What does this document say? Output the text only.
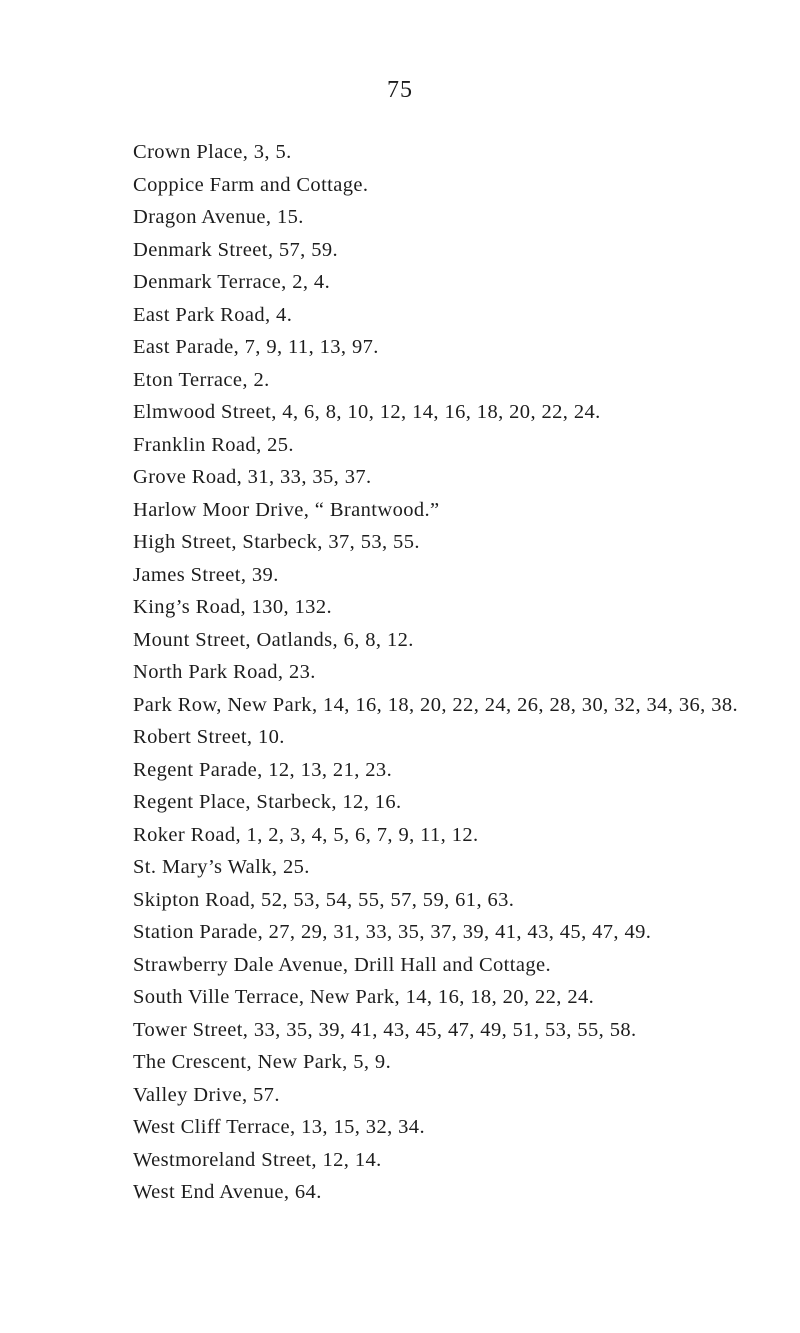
75
Crown Place, 3, 5.
Coppice Farm and Cottage.
Dragon Avenue, 15.
Denmark Street, 57, 59.
Denmark Terrace, 2, 4.
East Park Road, 4.
East Parade, 7, 9, 11, 13, 97.
Eton Terrace, 2.
Elmwood Street, 4, 6, 8, 10, 12, 14, 16, 18, 20, 22, 24.
Franklin Road, 25.
Grove Road, 31, 33, 35, 37.
Harlow Moor Drive, “ Brantwood.”
High Street, Starbeck, 37, 53, 55.
James Street, 39.
King’s Road, 130, 132.
Mount Street, Oatlands, 6, 8, 12.
North Park Road, 23.
Park Row, New Park, 14, 16, 18, 20, 22, 24, 26, 28, 30, 32, 34, 36, 38.
Robert Street, 10.
Regent Parade, 12, 13, 21, 23.
Regent Place, Starbeck, 12, 16.
Roker Road, 1, 2, 3, 4, 5, 6, 7, 9, 11, 12.
St. Mary’s Walk, 25.
Skipton Road, 52, 53, 54, 55, 57, 59, 61, 63.
Station Parade, 27, 29, 31, 33, 35, 37, 39, 41, 43, 45, 47, 49.
Strawberry Dale Avenue, Drill Hall and Cottage.
South Ville Terrace, New Park, 14, 16, 18, 20, 22, 24.
Tower Street, 33, 35, 39, 41, 43, 45, 47, 49, 51, 53, 55, 58.
The Crescent, New Park, 5, 9.
Valley Drive, 57.
West Cliff Terrace, 13, 15, 32, 34.
Westmoreland Street, 12, 14.
West End Avenue, 64.
